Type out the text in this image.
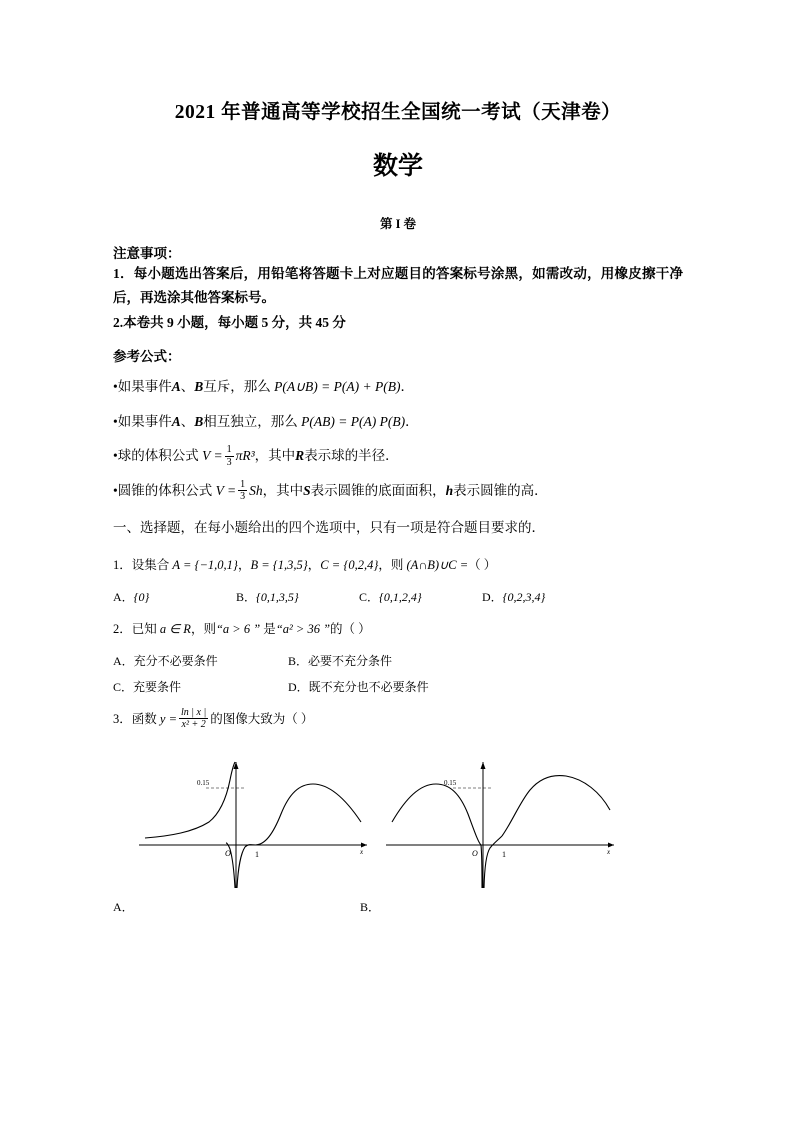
2021 年普通高等学校招生全国统一考试（天津卷）
数学
第 I 卷
注意事项：
1．每小题选出答案后，用铅笔将答题卡上对应题目的答案标号涂黑，如需改动，用橡皮擦干净后，再选涂其他答案标号。
2.本卷共 9 小题，每小题 5 分，共 45 分
参考公式：
•如果事件A、B互斥，那么 P(A∪B) = P(A) + P(B)．
•如果事件A、B相互独立，那么 P(AB) = P(A) P(B)．
•球的体积公式 $V = \frac{1}{3} \pi R^3$，其中R表示球的半径．
•圆锥的体积公式 $V = \frac{1}{3}$ Sh，其中S表示圆锥的底面面积，h表示圆锥的高．
一、选择题，在每小题给出的四个选项中，只有一项是符合题目要求的．
1．设集合 A = {−1,0,1}，B = {1,3,5}，C = {0,2,4}，则 (A∩B)∪C =（ ）
A．{0}	B．{0,1,3,5}	C．{0,1,2,4}	D．{0,2,3,4}
2．已知 a ∈ R，则“a > 6 ” 是“a² > 36 ”的（ ）
A．充分不必要条件	B．必要不充分条件
C．充要条件	D．既不充分也不必要条件
3．函数 $y = \frac{\ln | x |}{\text{x² + 2}}$ 的图像大致为（ ）
0.15
O	1	x
0.15
O	1	x
A．	B．
